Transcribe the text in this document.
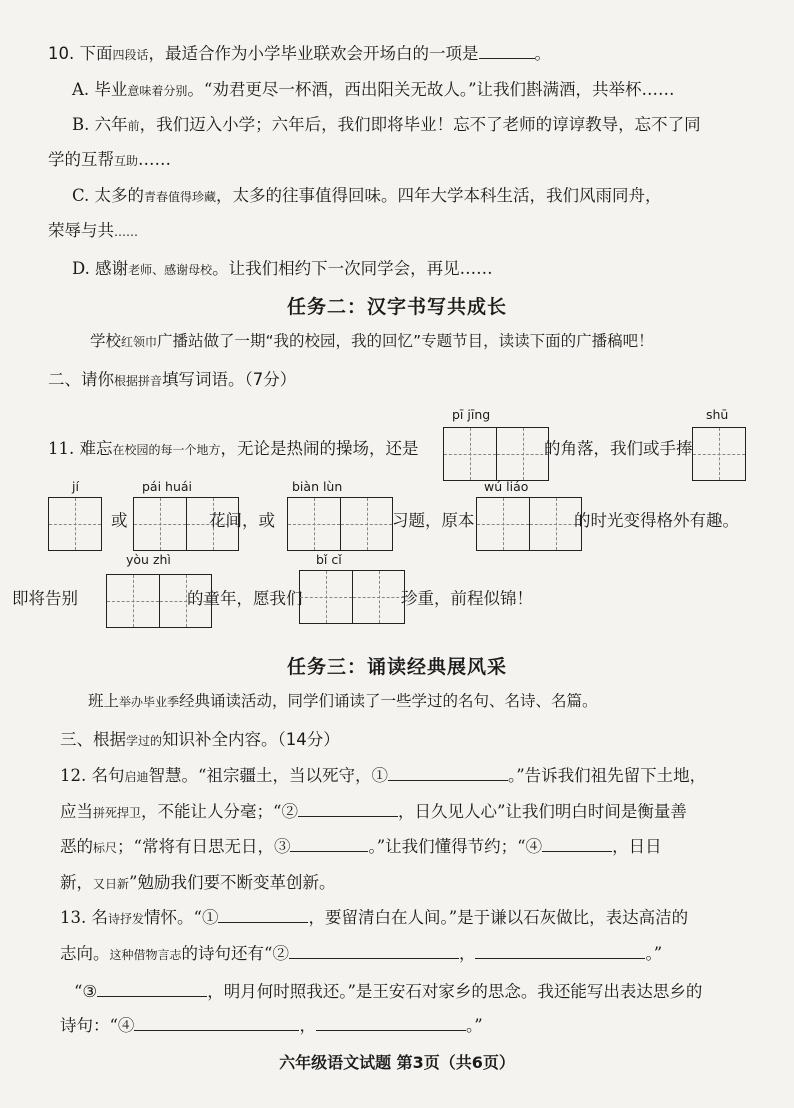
10. 下面四段话，最适合作为小学毕业联欢会开场白的一项是	。
A. 毕业意味着分别。“劝君更尽一杯酒，西出阳关无故人。”让我们斟满酒，共举杯……
B. 六年前，我们迈入小学；六年后，我们即将毕业！忘不了老师的谆谆教导，忘不了同
学的互帮互助……
C. 太多的青春值得珍藏，太多的往事值得回味。四年大学本科生活，我们风雨同舟，
荣辱与共……
D. 感谢老师、感谢母校。让我们相约下一次同学会，再见……
任务二：汉字书写共成长
学校红领巾广播站做了一期“我的校园，我的回忆”专题节目，读读下面的广播稿吧！
二、请你根据拼音填写词语。（7分）
pī jīng	shū
jí	pái huái	biàn lùn	wú liáo
yòu zhì	bǐ cǐ
11. 难忘在校园的每一个地方，无论是热闹的操场，还是	的角落，我们或手捧
或	花间，或	习题，原本	的时光变得格外有趣。
即将告别	的童年，愿我们	珍重，前程似锦！
任务三：诵读经典展风采
班上举办毕业季经典诵读活动，同学们诵读了一些学过的名句、名诗、名篇。
三、根据学过的知识补全内容。（14分）
12. 名句启迪智慧。“祖宗疆土，当以死守，①	。”告诉我们祖先留下土地，
应当拼死捍卫，不能让人分毫；“②	，日久见人心”让我们明白时间是衡量善
恶的标尺；“常将有日思无日，③	。”让我们懂得节约；“④	，日日
新，又日新”勉励我们要不断变革创新。
13. 名诗抒发情怀。“①	，要留清白在人间。”是于谦以石灰做比，表达高洁的
志向。这种借物言志的诗句还有“②	，	。”
“③	，明月何时照我还。”是王安石对家乡的思念。我还能写出表达思乡的
诗句：“④	，	。”
六年级语文试题 第3页（共6页）
